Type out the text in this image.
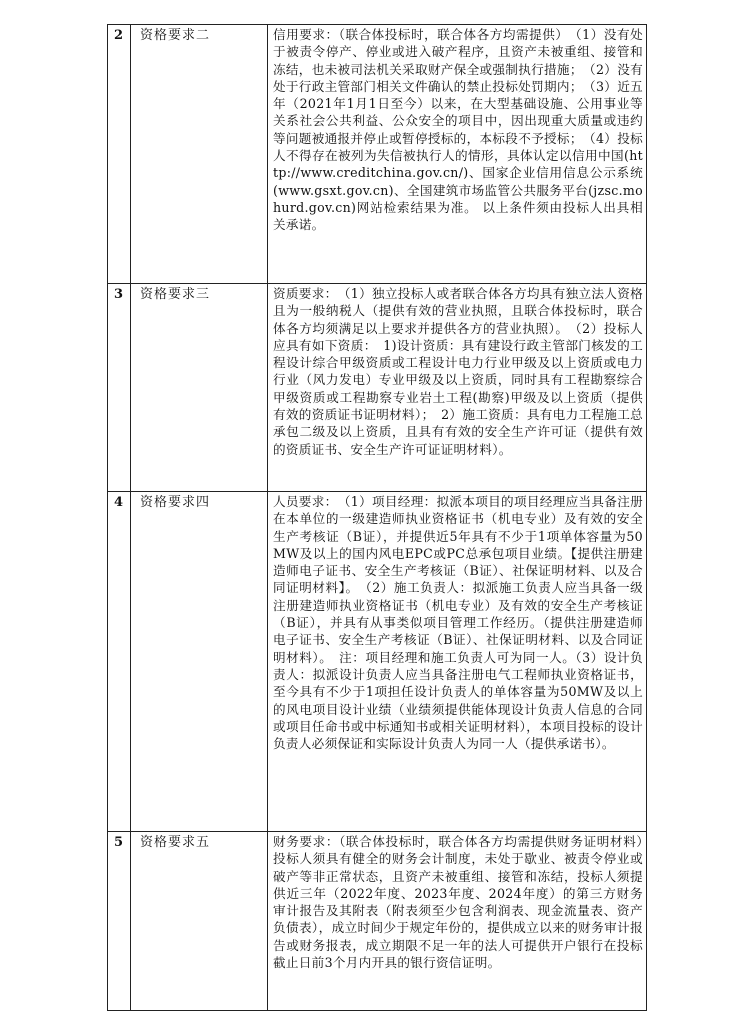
2	资格要求二	信用要求：（联合体投标时，联合体各方均需提供）　（1）没有处于被责令停产、停业或进入破产程序，且资产未被重组、接管和冻结，也未被司法机关采取财产保全或强制执行措施；　（2）没有处于行政主管部门相关文件确认的禁止投标处罚期内；　（3）近五年（2021年1月1日至今）以来，在大型基础设施、公用事业等关系社会公共利益、公众安全的项目中，因出现重大质量或违约等问题被通报并停止或暂停授标的，本标段不予授标；　（4）投标人不得存在被列为失信被执行人的情形，具体认定以信用中国(http://www.creditchina.gov.cn/)、国家企业信用信息公示系统(www.gsxt.gov.cn)、全国建筑市场监管公共服务平台(jzsc.mohurd.gov.cn)网站检索结果为准。 以上条件须由投标人出具相关承诺。
3	资格要求三	资质要求：　（1）独立投标人或者联合体各方均具有独立法人资格且为一般纳税人（提供有效的营业执照，且联合体投标时，联合体各方均须满足以上要求并提供各方的营业执照）。　（2）投标人应具有如下资质：　1)设计资质：具有建设行政主管部门核发的工程设计综合甲级资质或工程设计电力行业甲级及以上资质或电力行业（风力发电）专业甲级及以上资质，同时具有工程勘察综合甲级资质或工程勘察专业岩土工程(勘察)甲级及以上资质（提供有效的资质证书证明材料）；　2）施工资质：具有电力工程施工总承包二级及以上资质，且具有有效的安全生产许可证（提供有效的资质证书、安全生产许可证证明材料）。
4	资格要求四	人员要求：　（1）项目经理：拟派本项目的项目经理应当具备注册在本单位的一级建造师执业资格证书（机电专业）及有效的安全生产考核证（B证），并提供近5年具有不少于1项单体容量为50MW及以上的国内风电EPC或PC总承包项目业绩。【提供注册建造师电子证书、安全生产考核证（B证）、社保证明材料、以及合同证明材料】。　（2）施工负责人：拟派施工负责人应当具备一级注册建造师执业资格证书（机电专业）及有效的安全生产考核证（B证），并具有从事类似项目管理工作经历。（提供注册建造师电子证书、安全生产考核证（B证）、社保证明材料、以及合同证明材料）。　注：项目经理和施工负责人可为同一人。（3）设计负责人：拟派设计负责人应当具备注册电气工程师执业资格证书，至今具有不少于1项担任设计负责人的单体容量为50MW及以上的风电项目设计业绩（业绩须提供能体现设计负责人信息的合同或项目任命书或中标通知书或相关证明材料），本项目投标的设计负责人必须保证和实际设计负责人为同一人（提供承诺书）。
5	资格要求五	财务要求：（联合体投标时，联合体各方均需提供财务证明材料）　投标人须具有健全的财务会计制度，未处于歇业、被责令停业或破产等非正常状态，且资产未被重组、接管和冻结，投标人须提供近三年（2022年度、2023年度、2024年度）的第三方财务审计报告及其附表（附表须至少包含利润表、现金流量表、资产负债表），成立时间少于规定年份的，提供成立以来的财务审计报告或财务报表，成立期限不足一年的法人可提供开户银行在投标截止日前3个月内开具的银行资信证明。
